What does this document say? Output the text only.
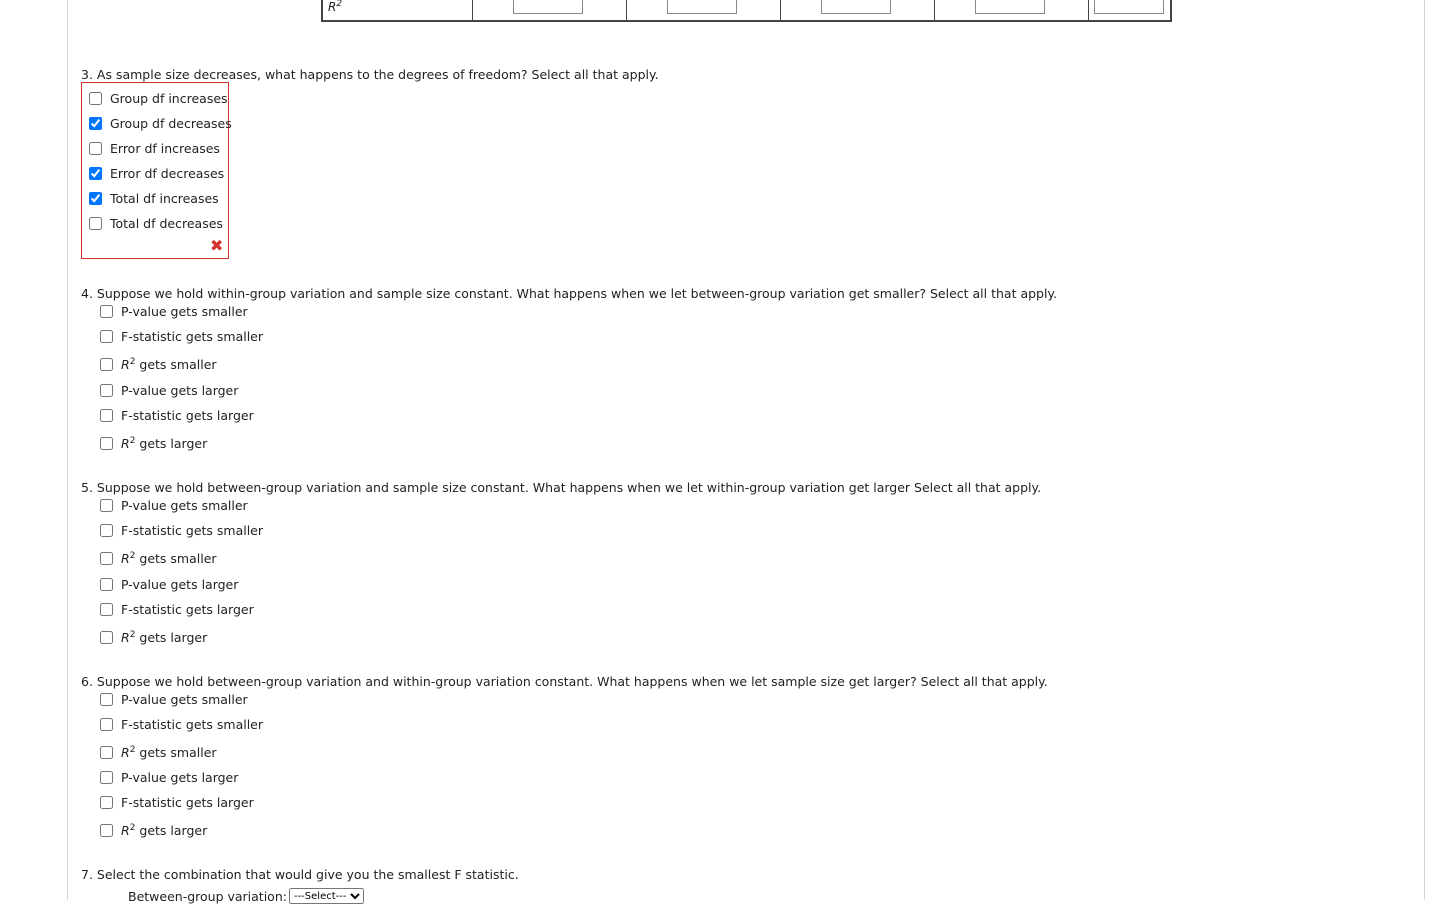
$R^2$
3. As sample size decreases, what happens to the degrees of freedom? Select all that apply.
Group df increases
Group df decreases
Error df increases
Error df decreases
Total df increases
Total df decreases
✖
4. Suppose we hold within-group variation and sample size constant. What happens when we let between-group variation get smaller? Select all that apply.
P-value gets smaller
F-statistic gets smaller
$R^2$ gets smaller
P-value gets larger
F-statistic gets larger
$R^2$ gets larger
5. Suppose we hold between-group variation and sample size constant. What happens when we let within-group variation get larger Select all that apply.
P-value gets smaller
F-statistic gets smaller
$R^2$ gets smaller
P-value gets larger
F-statistic gets larger
$R^2$ gets larger
6. Suppose we hold between-group variation and within-group variation constant. What happens when we let sample size get larger? Select all that apply.
P-value gets smaller
F-statistic gets smaller
$R^2$ gets smaller
P-value gets larger
F-statistic gets larger
$R^2$ gets larger
7. Select the combination that would give you the smallest F statistic.
Between-group variation:
---Select---
